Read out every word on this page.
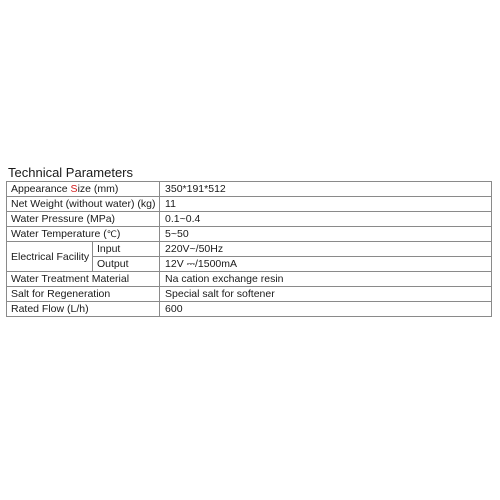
Technical Parameters
Appearance Size (mm)		350*191*512
Net Weight (without water) (kg)		11
Water Pressure (MPa)		0.1~0.4
Water Temperature (℃)		5~50
Electrical Facility	Input	220V~/50Hz
	Output	12V ⎓/1500mA
Water Treatment Material		Na cation exchange resin
Salt for Regeneration		Special salt for softener
Rated Flow (L/h)		600
